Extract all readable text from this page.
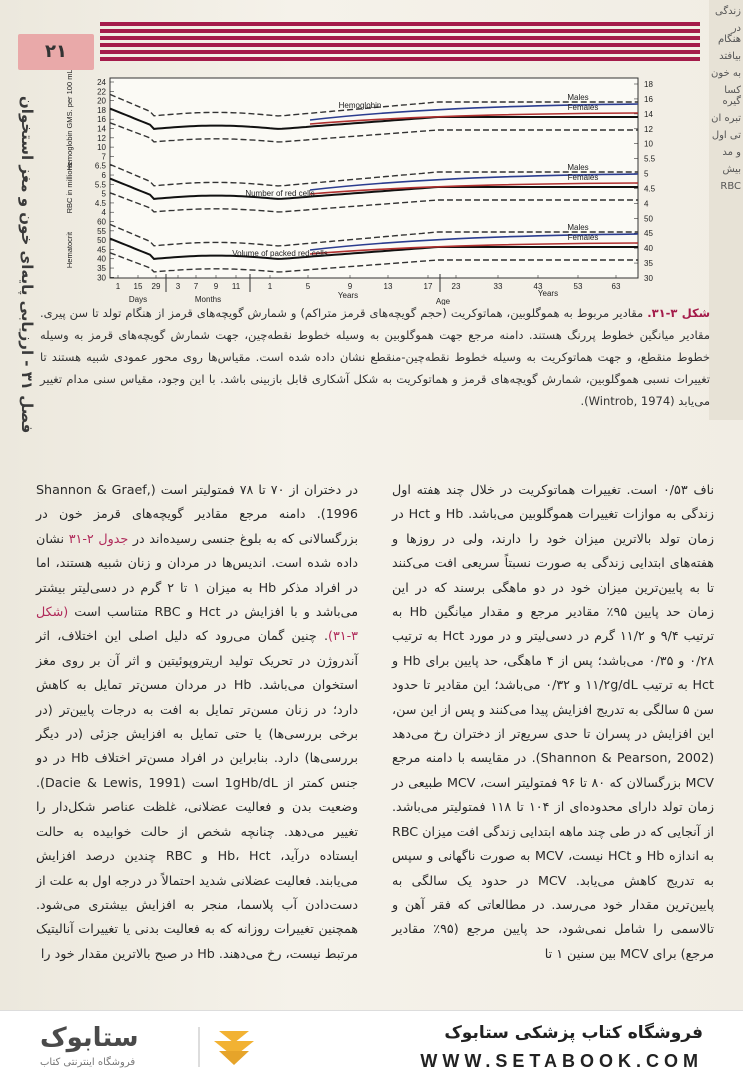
۲۱
فصل ۳۱ - ارزیابی پایه‌ای خون و مغز استخوان
زندگی
در هنگام
بیافتد
به خون
کسا گیره
تبره ان
تی اول
و مد
بیش
RBC
24
22
20
18
16
14
12
10
7
6.5
6
5.5
5
4.5
4
60
55
50
45
40
35
30
18
16
14
12
10
5.5
5
4.5
4
50
45
40
35
30
Hemoglobin GMS. per 100 mL
RBC in millions
Hematocrit
Males
Females
Hemoglobin
Males
Females
Number of red cells
Males
Females
Volume of packed red cells
1 15 29 3 7 9 11	1	5	9	13	17 23	33	43	53	63
Days	Months	Years
Age
Years
شکل ۳-۳۱. مقادیر مربوط به هموگلوبین، هماتوکریت (حجم گویچه‌های قرمز متراکم) و شمارش گویچه‌های قرمز از هنگام تولد تا سن پیری. مقادیر میانگین خطوط پررنگ هستند. دامنه مرجع جهت هموگلوبین به وسیله خطوط نقطه‌چین، جهت شمارش گویچه‌های قرمز به وسیله خطوط منقطع، و جهت هماتوکریت به وسیله خطوط نقطه‌چین-منقطع نشان داده شده است. مقیاس‌ها روی محور عمودی شبیه هستند تا تغییرات نسبی هموگلوبین، شمارش گویچه‌های قرمز و هماتوکریت به شکل آشکاری قابل بازبینی باشد. با این وجود، مقیاس سنی مدام تغییر می‌یابد (Wintrob, 1974).
ناف ۰/۵۳ است. تغییرات هماتوکریت در خلال چند هفته اول زندگی به موازات تغییرات هموگلوبین می‌باشد. Hb و Hct در زمان تولد بالاترین میزان خود را دارند، ولی در روزها و هفته‌های ابتدایی زندگی به صورت نسبتاً سریعی افت می‌کنند تا به پایین‌ترین میزان خود در دو ماهگی برسند که در این زمان حد پایین ۹۵٪ مقادیر مرجع و مقدار میانگین Hb به ترتیب ۹/۴ و ۱۱/۲ گرم در دسی‌لیتر و در مورد Hct به ترتیب ۰/۲۸ و ۰/۳۵ می‌باشد؛ پس از ۴ ماهگی، حد پایین برای Hb و Hct به ترتیب ۱۱/۲g/dL و ۰/۳۲ می‌باشد؛ این مقادیر تا حدود سن ۵ سالگی به تدریج افزایش پیدا می‌کنند و پس از این سن، این افزایش در پسران تا حدی سریع‌تر از دختران رخ می‌دهد (Shannon & Pearson, 2002). در مقایسه با دامنه مرجع MCV بزرگسالان که ۸۰ تا ۹۶ فمتولیتر است، MCV طبیعی در زمان تولد دارای محدوده‌ای از ۱۰۴ تا ۱۱۸ فمتولیتر می‌باشد. از آنجایی که در طی چند ماهه ابتدایی زندگی افت میزان RBC به اندازه Hb و HCt نیست، MCV به صورت ناگهانی و سپس به تدریج کاهش می‌یابد. MCV در حدود یک سالگی به پایین‌ترین مقدار خود می‌رسد. در مطالعاتی که فقر آهن و تالاسمی را شامل نمی‌شود، حد پایین مرجع (۹۵٪ مقادیر مرجع) برای MCV بین سنین ۱ تا
در دختران از ۷۰ تا ۷۸ فمتولیتر است (Shannon & Graef, 1996). دامنه مرجع مقادیر گویچه‌های قرمز خون در بزرگسالانی که به بلوغ جنسی رسیده‌اند در جدول ۲-۳۱ نشان داده شده است. اندیس‌ها در مردان و زنان شبیه هستند، اما در افراد مذکر Hb به میزان ۱ تا ۲ گرم در دسی‌لیتر بیشتر می‌باشد و با افزایش در Hct و RBC متناسب است (شکل ۳-۳۱). چنین گمان می‌رود که دلیل اصلی این اختلاف، اثر آندروژن در تحریک تولید اریتروپوئیتین و اثر آن بر روی مغز استخوان می‌باشد. Hb در مردان مسن‌تر تمایل به کاهش دارد؛ در زنان مسن‌تر تمایل به افت به درجات پایین‌تر (در برخی بررسی‌ها) یا حتی تمایل به افزایش جزئی (در دیگر بررسی‌ها) دارد. بنابراین در افراد مسن‌تر اختلاف Hb در دو جنس کمتر از 1gHb/dL است (Dacie & Lewis, 1991). وضعیت بدن و فعالیت عضلانی، غلظت عناصر شکل‌دار را تغییر می‌دهد. چنانچه شخص از حالت خوابیده به حالت ایستاده درآید، Hb، Hct و RBC چندین درصد افزایش می‌یابند. فعالیت عضلانی شدید احتمالاً در درجه اول به علت از دست‌دادن آب پلاسما، منجر به افزایش بیشتری می‌شود. همچنین تغییرات روزانه که به فعالیت بدنی یا تغییرات آنالیتیک مرتبط نیست، رخ می‌دهند. Hb در صبح بالاترین مقدار خود را
ستابوک
فروشگاه اینترنتی کتاب
فروشگاه کتاب پزشکی ستابوک
WWW.SETABOOK.COM
